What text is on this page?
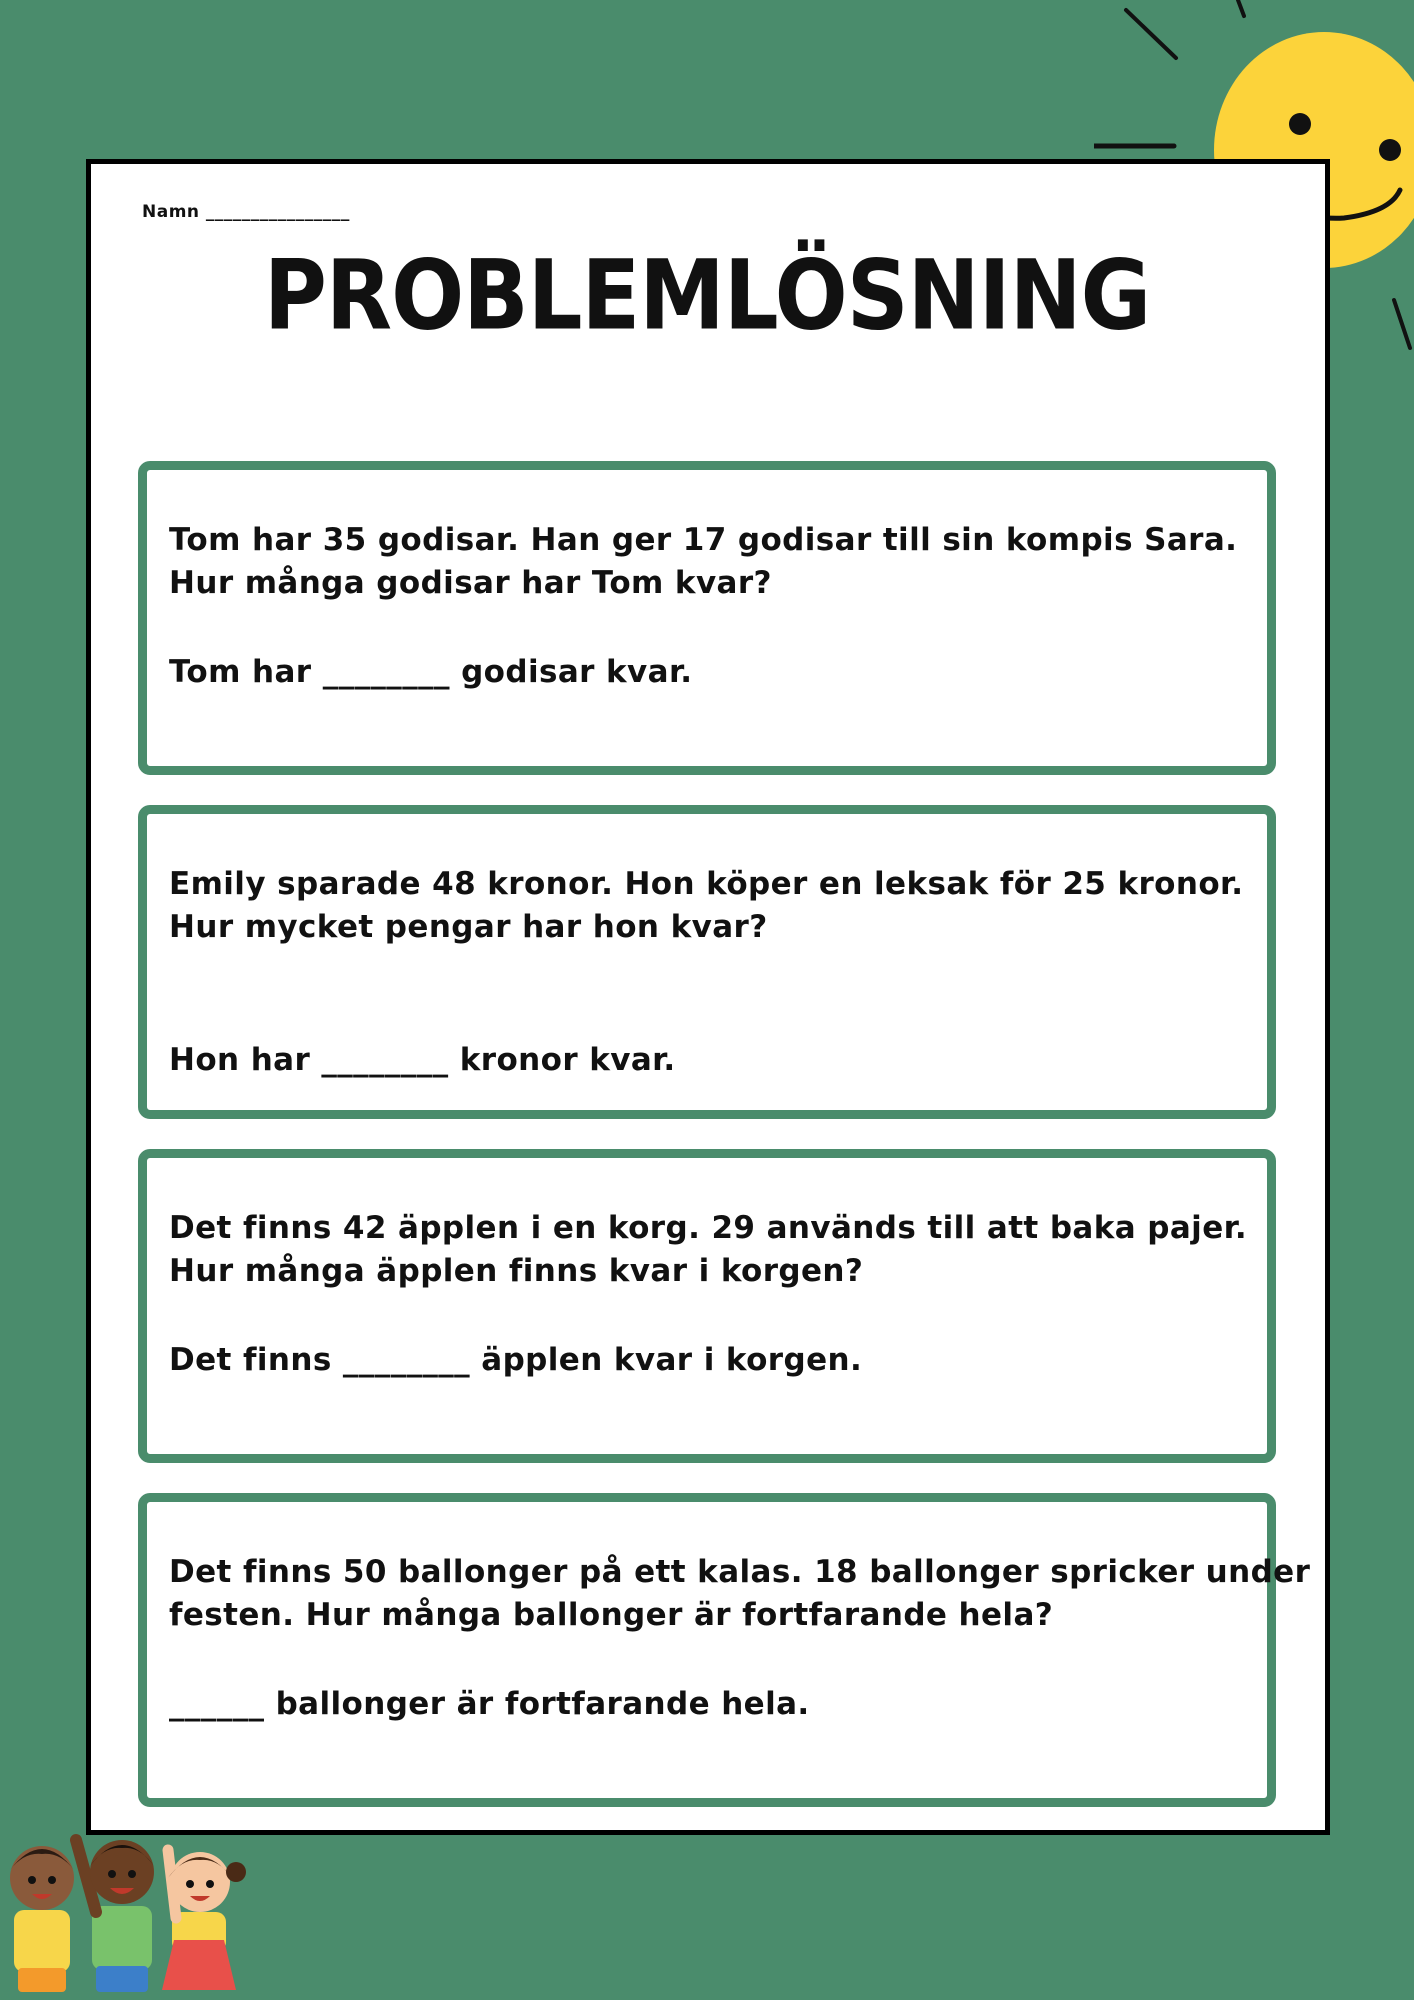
Namn ________________
PROBLEMLÖSNING
Tom har 35 godisar. Han ger 17 godisar till sin kompis Sara.
Hur många godisar har Tom kvar?
Tom har ________ godisar kvar.
Emily sparade 48 kronor. Hon köper en leksak för 25 kronor.
Hur mycket pengar har hon kvar?
Hon har ________ kronor kvar.
Det finns 42 äpplen i en korg. 29 används till att baka pajer.
Hur många äpplen finns kvar i korgen?
Det finns ________ äpplen kvar i korgen.
Det finns 50 ballonger på ett kalas. 18 ballonger spricker under
festen. Hur många ballonger är fortfarande hela?
______ ballonger är fortfarande hela.
